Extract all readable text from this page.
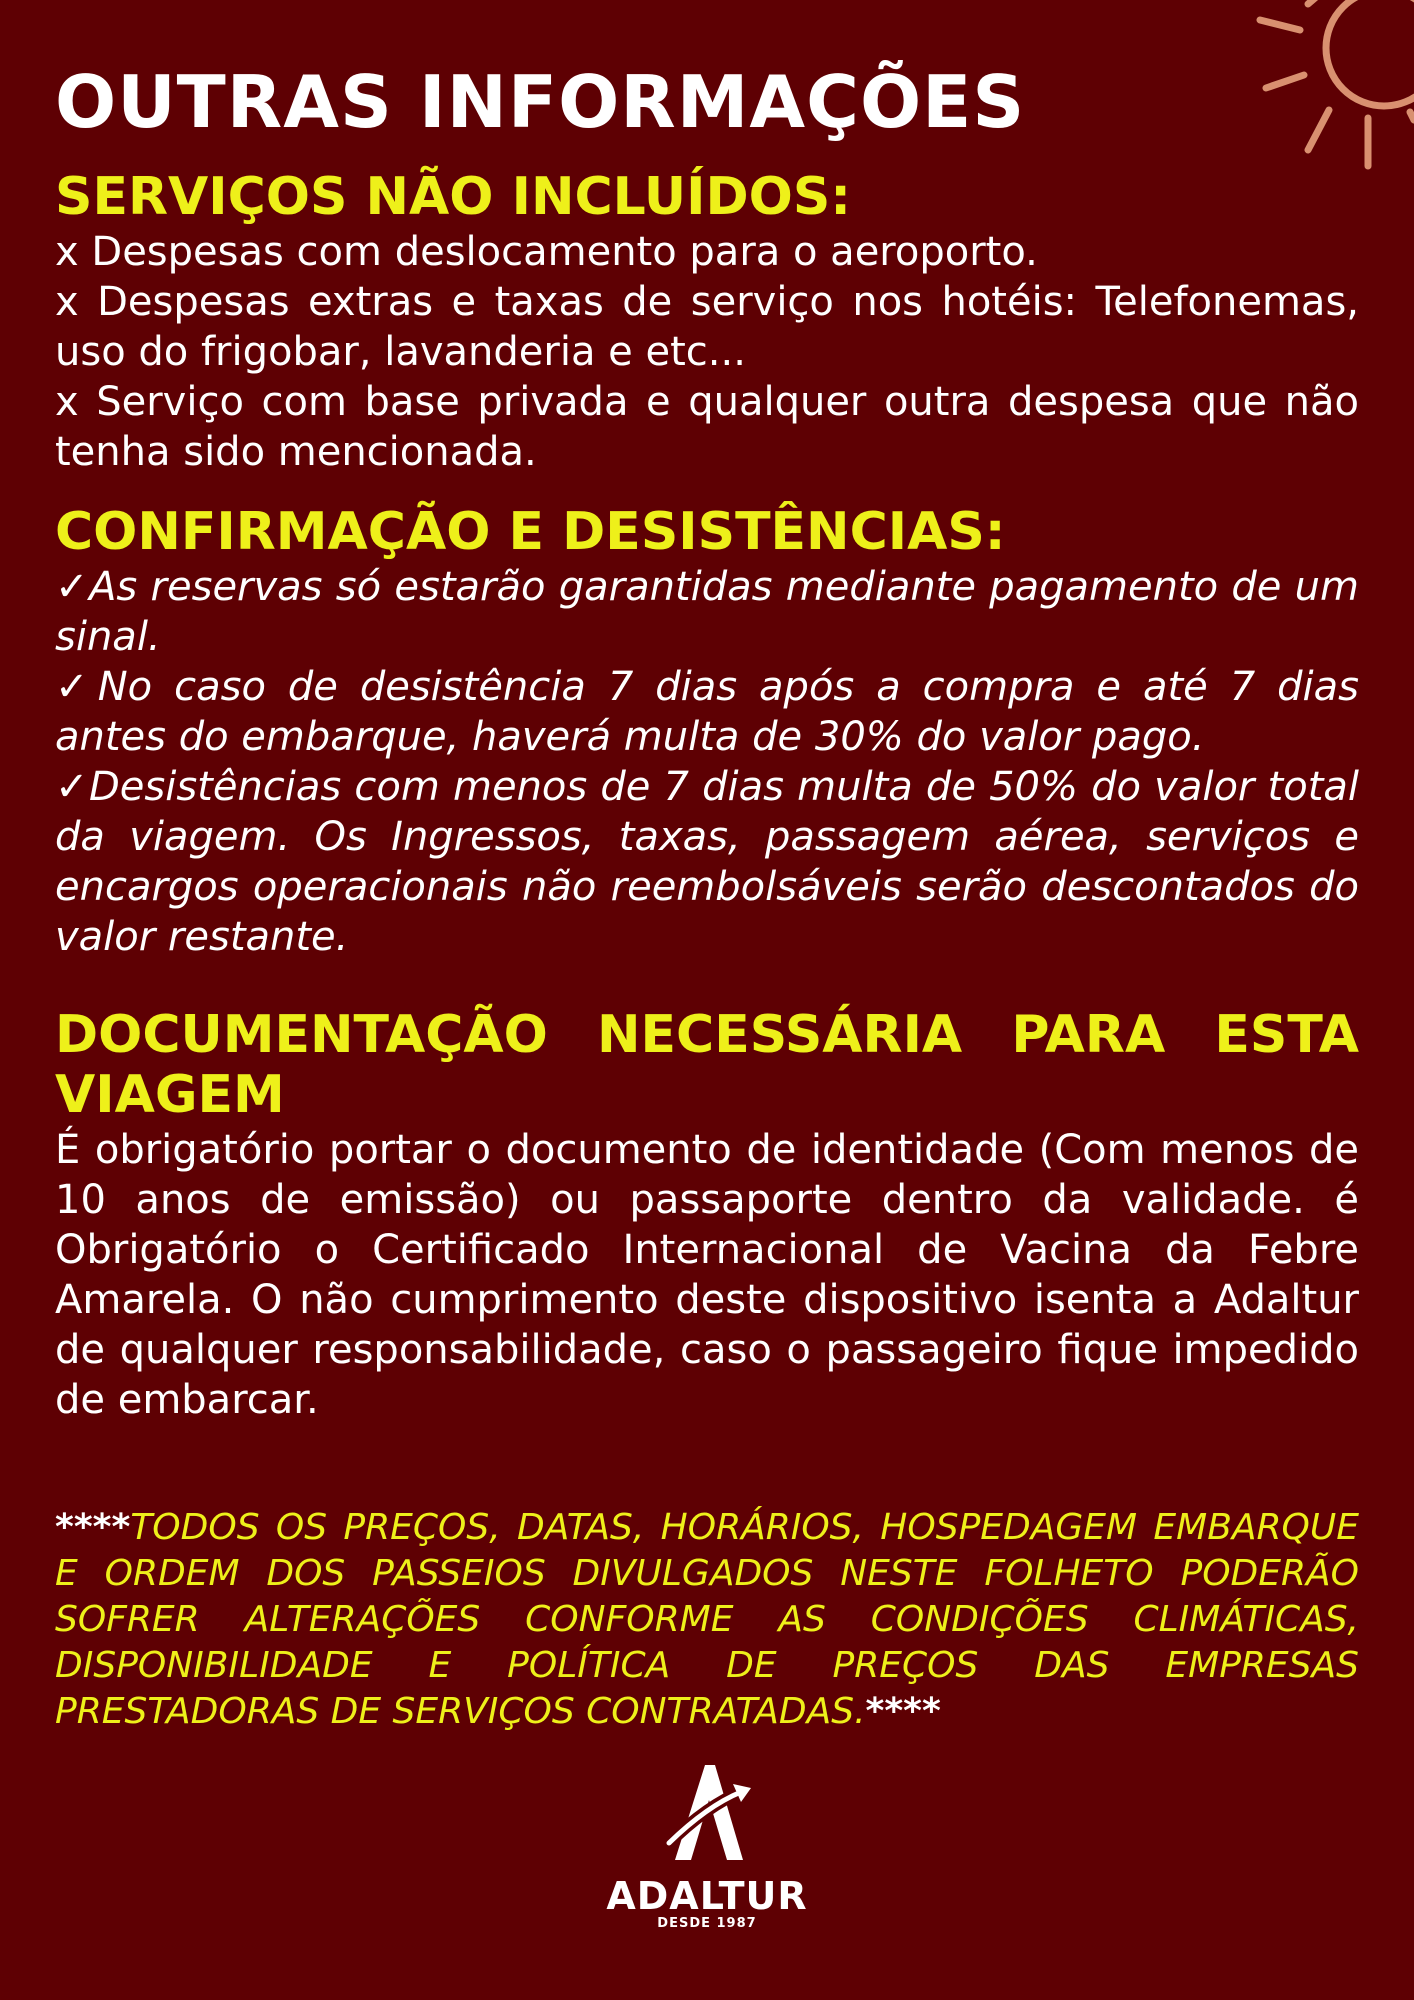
OUTRAS INFORMAÇÕES
SERVIÇOS NÃO INCLUÍDOS:

x Despesas com deslocamento para o aeroporto.

x Despesas extras e taxas de serviço nos hotéis: Telefonemas, uso do frigobar, lavanderia e etc...

x Serviço com base privada e qualquer outra despesa que não tenha sido mencionada.

CONFIRMAÇÃO E DESISTÊNCIAS:

✓As reservas só estarão garantidas mediante pagamento de um sinal.

✓No caso de desistência 7 dias após a compra e até 7 dias antes do embarque, haverá multa de 30% do valor pago.

✓Desistências com menos de 7 dias multa de 50% do valor total da viagem. Os Ingressos, taxas, passagem aérea, serviços e encargos operacionais não reembolsáveis serão descontados do valor restante.

DOCUMENTAÇÃO NECESSÁRIA PARA ESTA
VIAGEM

É obrigatório portar o documento de identidade (Com menos de 10 anos de emissão) ou passaporte dentro da validade. é Obrigatório o Certificado Internacional de Vacina da Febre Amarela. O não cumprimento deste dispositivo isenta a Adaltur de qualquer responsabilidade, caso o passageiro fique impedido de embarcar.

****TODOS OS PREÇOS, DATAS, HORÁRIOS, HOSPEDAGEM EMBARQUE E ORDEM DOS PASSEIOS DIVULGADOS NESTE FOLHETO PODERÃO SOFRER ALTERAÇÕES CONFORME AS CONDIÇÕES CLIMÁTICAS, DISPONIBILIDADE E POLÍTICA DE PREÇOS DAS EMPRESAS PRESTADORAS DE SERVIÇOS CONTRATADAS.****

ADALTUR
DESDE 1987
